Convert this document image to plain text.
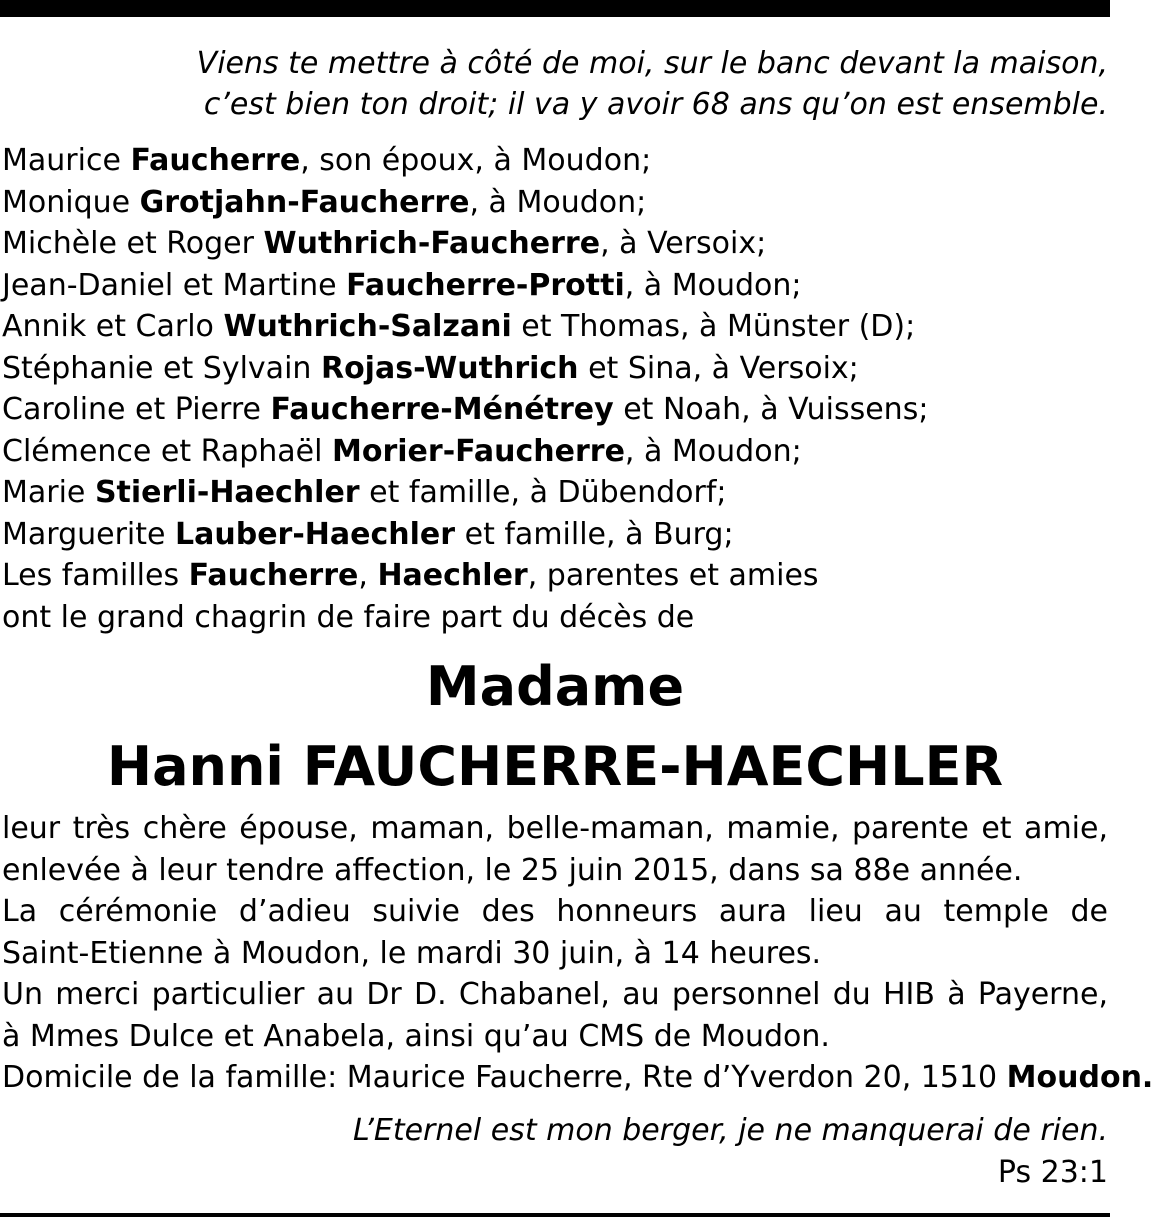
Viens te mettre à côté de moi, sur le banc devant la maison,
c’est bien ton droit; il va y avoir 68 ans qu’on est ensemble.
Maurice Faucherre, son époux, à Moudon;
Monique Grotjahn-Faucherre, à Moudon;
Michèle et Roger Wuthrich-Faucherre, à Versoix;
Jean-Daniel et Martine Faucherre-Protti, à Moudon;
Annik et Carlo Wuthrich-Salzani et Thomas, à Münster (D);
Stéphanie et Sylvain Rojas-Wuthrich et Sina, à Versoix;
Caroline et Pierre Faucherre-Ménétrey et Noah, à Vuissens;
Clémence et Raphaël Morier-Faucherre, à Moudon;
Marie Stierli-Haechler et famille, à Dübendorf;
Marguerite Lauber-Haechler et famille, à Burg;
Les familles Faucherre, Haechler, parentes et amies
ont le grand chagrin de faire part du décès de
Madame
Hanni FAUCHERRE-HAECHLER
leur très chère épouse, maman, belle-maman, mamie, parente et amie,
enlevée à leur tendre affection, le 25 juin 2015, dans sa 88e année.
La cérémonie d’adieu suivie des honneurs aura lieu au temple de
Saint-Etienne à Moudon, le mardi 30 juin, à 14 heures.
Un merci particulier au Dr D. Chabanel, au personnel du HIB à Payerne,
à Mmes Dulce et Anabela, ainsi qu’au CMS de Moudon.
Domicile de la famille: Maurice Faucherre, Rte d’Yverdon 20, 1510 Moudon.
L’Eternel est mon berger, je ne manquerai de rien.
Ps 23:1
